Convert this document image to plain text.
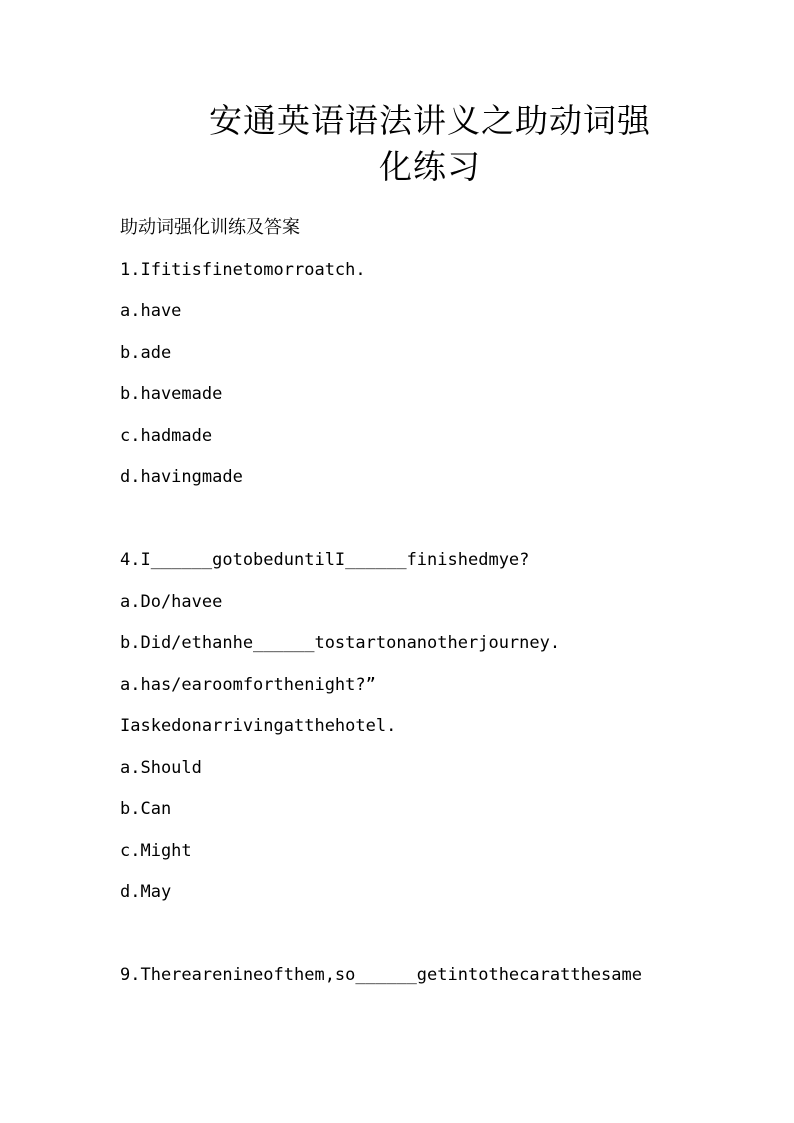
安通英语语法讲义之助动词强
化练习
助动词强化训练及答案
1.Ifitisfinetomorroatch.
a.have
b.ade
b.havemade
c.hadmade
d.havingmade
4.I______gotobeduntilI______finishedmye?
a.Do/havee
b.Did/ethanhe______tostartonanotherjourney.
a.has/earoomforthenight?”
Iaskedonarrivingatthehotel.
a.Should
b.Can
c.Might
d.May
9.Therearenineofthem,so______getintothecaratthesame
